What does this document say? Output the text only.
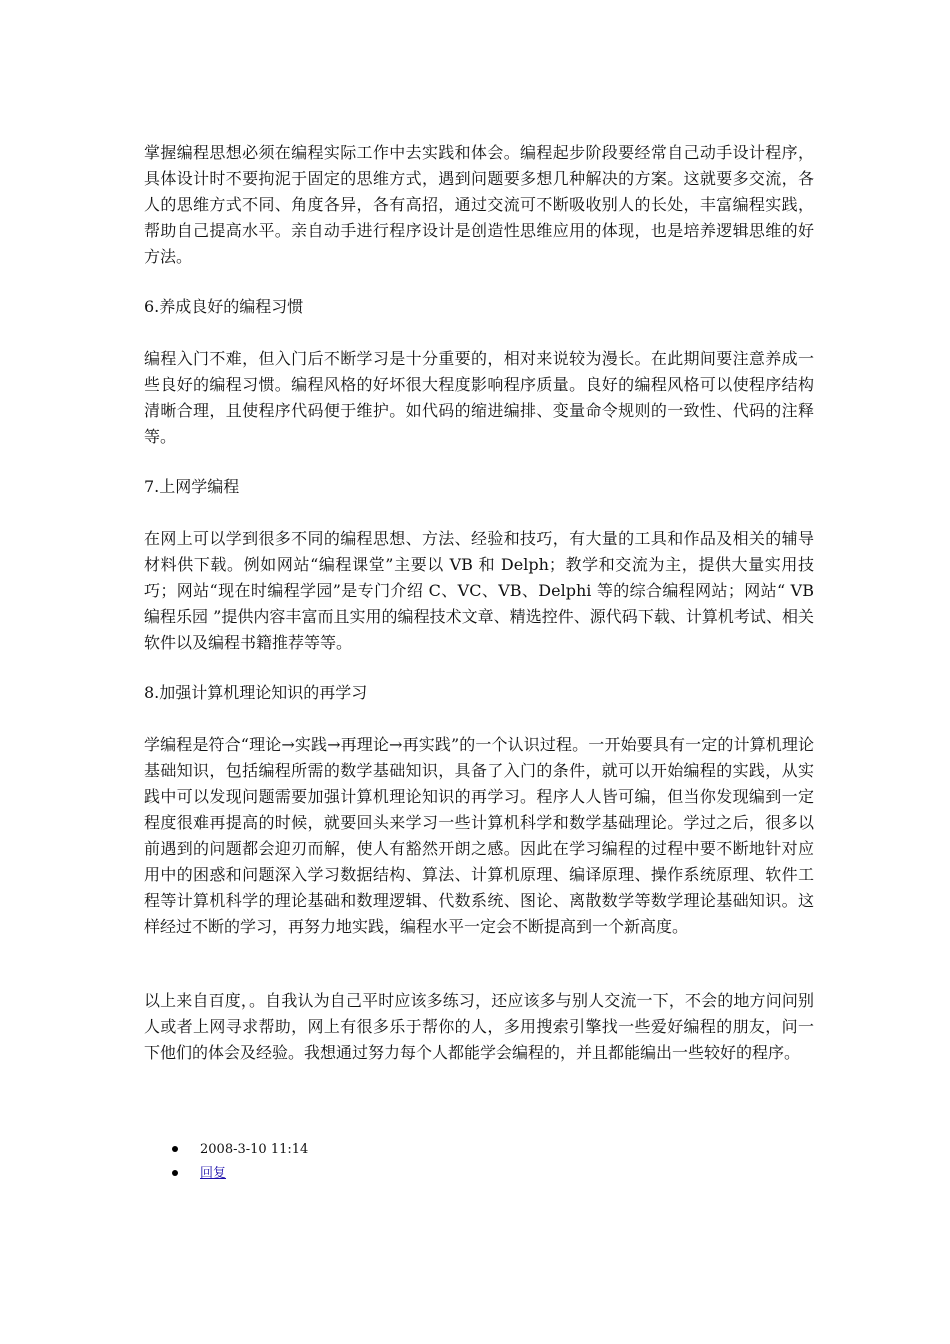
掌握编程思想必须在编程实际工作中去实践和体会。编程起步阶段要经常自己动手设计程序，具体设计时不要拘泥于固定的思维方式，遇到问题要多想几种解决的方案。这就要多交流，各人的思维方式不同、角度各异，各有高招，通过交流可不断吸收别人的长处，丰富编程实践，帮助自己提高水平。亲自动手进行程序设计是创造性思维应用的体现，也是培养逻辑思维的好方法。

6.养成良好的编程习惯

编程入门不难，但入门后不断学习是十分重要的，相对来说较为漫长。在此期间要注意养成一些良好的编程习惯。编程风格的好坏很大程度影响程序质量。良好的编程风格可以使程序结构清晰合理，且使程序代码便于维护。如代码的缩进编排、变量命令规则的一致性、代码的注释等。

7.上网学编程

在网上可以学到很多不同的编程思想、方法、经验和技巧，有大量的工具和作品及相关的辅导材料供下载。例如网站“编程课堂”主要以 VB 和 Delph；教学和交流为主，提供大量实用技巧；网站“现在时编程学园”是专门介绍 C、VC、VB、Delphi 等的综合编程网站；网站“ VB 编程乐园 ”提供内容丰富而且实用的编程技术文章、精选控件、源代码下载、计算机考试、相关软件以及编程书籍推荐等等。

8.加强计算机理论知识的再学习

学编程是符合“理论→实践→再理论→再实践”的一个认识过程。一开始要具有一定的计算机理论基础知识，包括编程所需的数学基础知识，具备了入门的条件，就可以开始编程的实践，从实践中可以发现问题需要加强计算机理论知识的再学习。程序人人皆可编，但当你发现编到一定程度很难再提高的时候，就要回头来学习一些计算机科学和数学基础理论。学过之后，很多以前遇到的问题都会迎刃而解，使人有豁然开朗之感。因此在学习编程的过程中要不断地针对应用中的困惑和问题深入学习数据结构、算法、计算机原理、编译原理、操作系统原理、软件工程等计算机科学的理论基础和数理逻辑、代数系统、图论、离散数学等数学理论基础知识。这样经过不断的学习，再努力地实践，编程水平一定会不断提高到一个新高度。

以上来自百度，。自我认为自己平时应该多练习，还应该多与别人交流一下，不会的地方问问别人或者上网寻求帮助，网上有很多乐于帮你的人，多用搜索引擎找一些爱好编程的朋友，问一下他们的体会及经验。我想通过努力每个人都能学会编程的，并且都能编出一些较好的程序。

2008-3-10 11:14
回复
